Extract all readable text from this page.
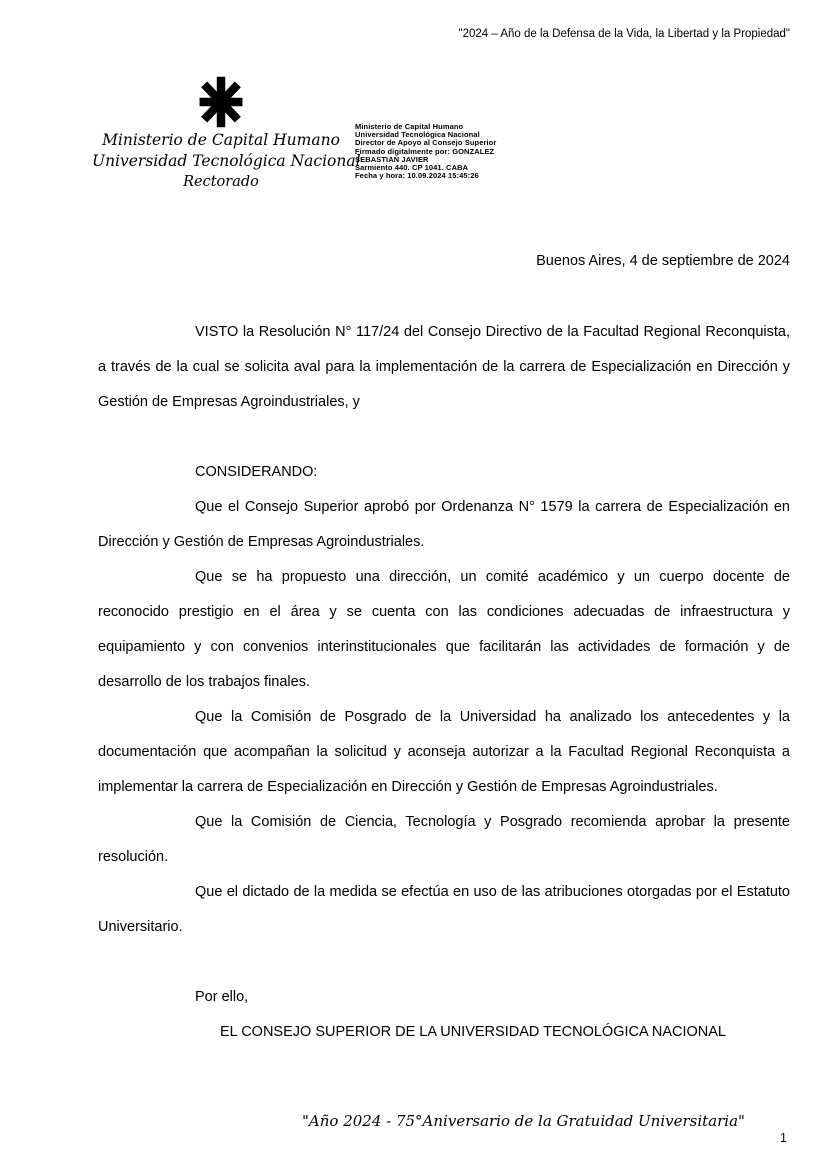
"2024 – Año de la Defensa de la Vida, la Libertad y la Propiedad"
Ministerio de Capital Humano
Universidad Tecnológica Nacional
Rectorado
Ministerio de Capital Humano
Universidad Tecnológica Nacional
Director de Apoyo al Consejo Superior
Firmado digitalmente por: GONZALEZ
SEBASTIAN JAVIER
Sarmiento 440. CP 1041. CABA
Fecha y hora: 10.09.2024 15:45:26
Buenos Aires, 4 de septiembre de 2024

VISTO la Resolución N° 117/24 del Consejo Directivo de la Facultad Regional Reconquista, a través de la cual se solicita aval para la implementación de la carrera de Especialización en Dirección y Gestión de Empresas Agroindustriales, y

CONSIDERANDO:

Que el Consejo Superior aprobó por Ordenanza N° 1579 la carrera de Especialización en Dirección y Gestión de Empresas Agroindustriales.

Que se ha propuesto una dirección, un comité académico y un cuerpo docente de reconocido prestigio en el área y se cuenta con las condiciones adecuadas de infraestructura y equipamiento y con convenios interinstitucionales que facilitarán las actividades de formación y de desarrollo de los trabajos finales.

Que la Comisión de Posgrado de la Universidad ha analizado los antecedentes y la documentación que acompañan la solicitud y aconseja autorizar a la Facultad Regional Reconquista a implementar la carrera de Especialización en Dirección y Gestión de Empresas Agroindustriales.

Que la Comisión de Ciencia, Tecnología y Posgrado recomienda aprobar la presente resolución.

Que el dictado de la medida se efectúa en uso de las atribuciones otorgadas por el Estatuto Universitario.

Por ello,

EL CONSEJO SUPERIOR DE LA UNIVERSIDAD TECNOLÓGICA NACIONAL

"Año 2024 - 75°Aniversario de la Gratuidad Universitaria"
1
